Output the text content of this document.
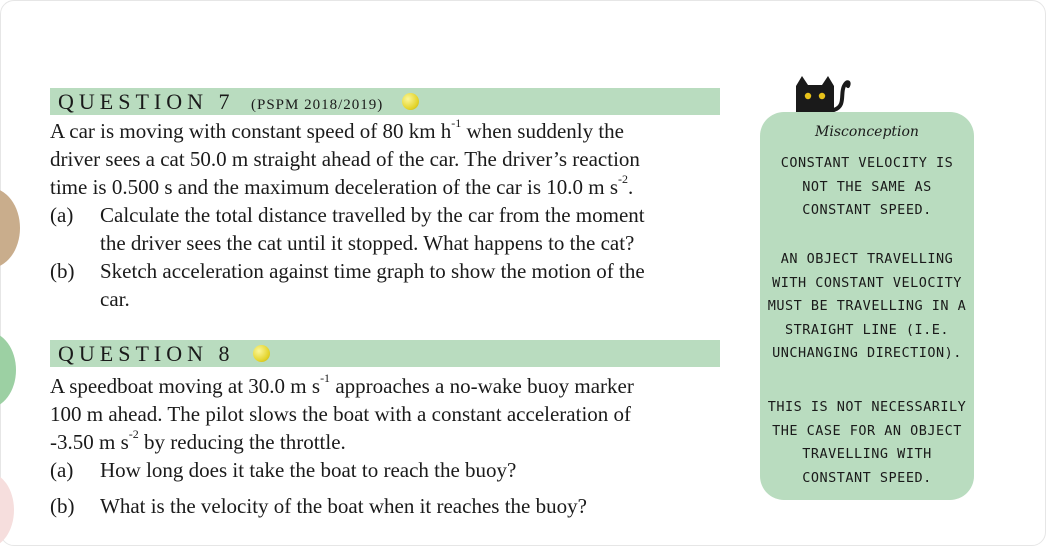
QUESTION 7 (PSPM 2018/2019)
A car is moving with constant speed of 80 km $h^{-1}$ when suddenly the
driver sees a cat 50.0 m straight ahead of the car. The driver’s reaction
time is 0.500 s and the maximum deceleration of the car is 10.0 m $s^{-2}$.
(a) Calculate the total distance travelled by the car from the moment
the driver sees the cat until it stopped. What happens to the cat?
(b) Sketch acceleration against time graph to show the motion of the
car.
QUESTION 8
A speedboat moving at 30.0 m $s^{-1}$ approaches a no-wake buoy marker
100 m ahead. The pilot slows the boat with a constant acceleration of
-3.50 m $s^{-2}$ by reducing the throttle.
(a) How long does it take the boat to reach the buoy?
(b) What is the velocity of the boat when it reaches the buoy?
Misconception
CONSTANT VELOCITY IS
NOT THE SAME AS
CONSTANT SPEED.
AN OBJECT TRAVELLING
WITH CONSTANT VELOCITY
MUST BE TRAVELLING IN A
STRAIGHT LINE (I.E.
UNCHANGING DIRECTION).
THIS IS NOT NECESSARILY
THE CASE FOR AN OBJECT
TRAVELLING WITH
CONSTANT SPEED.
